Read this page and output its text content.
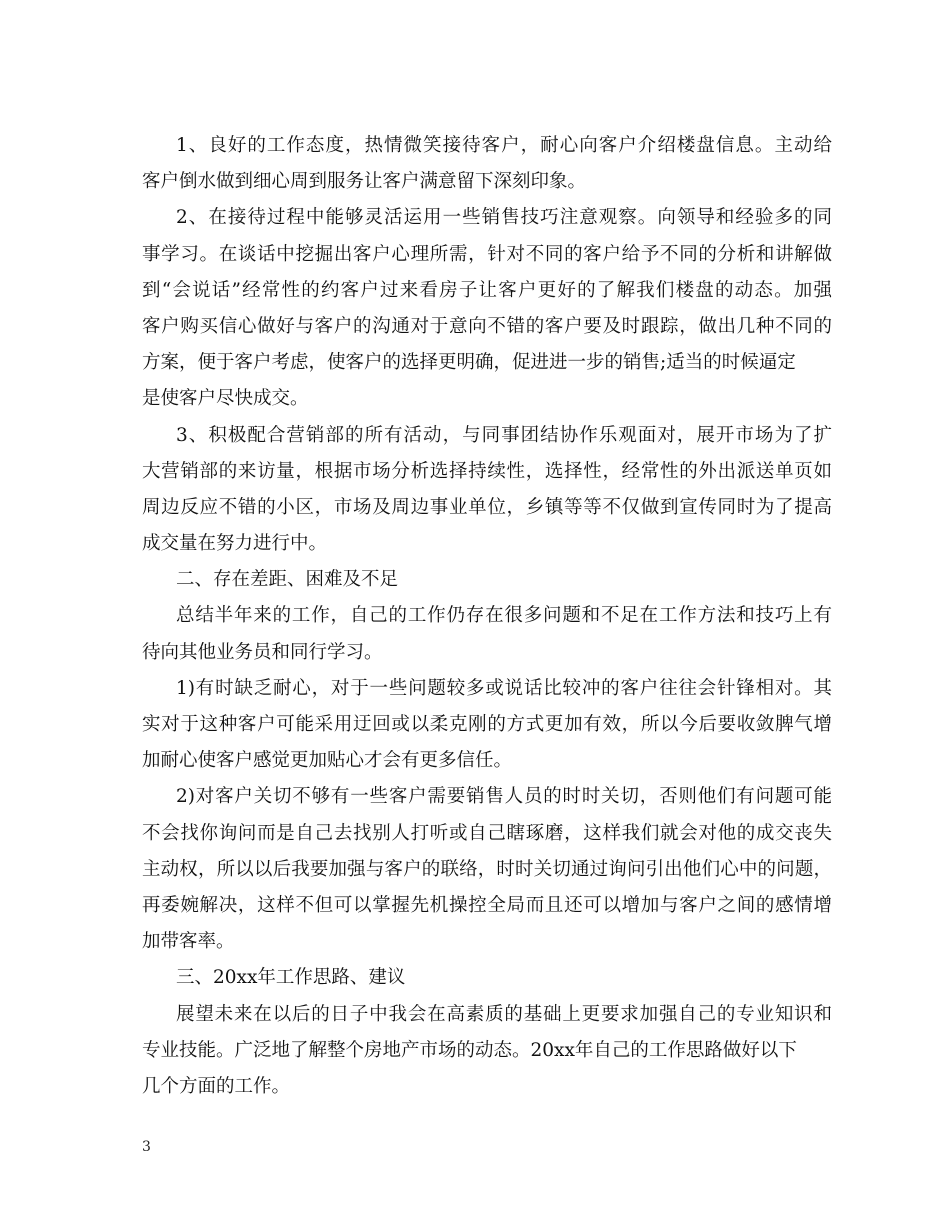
1、良好的工作态度，热情微笑接待客户，耐心向客户介绍楼盘信息。主动给
客户倒水做到细心周到服务让客户满意留下深刻印象。
2、在接待过程中能够灵活运用一些销售技巧注意观察。向领导和经验多的同
事学习。在谈话中挖掘出客户心理所需，针对不同的客户给予不同的分析和讲解做
到“会说话”经常性的约客户过来看房子让客户更好的了解我们楼盘的动态。加强
客户购买信心做好与客户的沟通对于意向不错的客户要及时跟踪，做出几种不同的
方案，便于客户考虑，使客户的选择更明确，促进进一步的销售;适当的时候逼定
是使客户尽快成交。
3、积极配合营销部的所有活动，与同事团结协作乐观面对，展开市场为了扩
大营销部的来访量，根据市场分析选择持续性，选择性，经常性的外出派送单页如
周边反应不错的小区，市场及周边事业单位，乡镇等等不仅做到宣传同时为了提高
成交量在努力进行中。
二、存在差距、困难及不足
总结半年来的工作，自己的工作仍存在很多问题和不足在工作方法和技巧上有
待向其他业务员和同行学习。
1)有时缺乏耐心，对于一些问题较多或说话比较冲的客户往往会针锋相对。其
实对于这种客户可能采用迂回或以柔克刚的方式更加有效，所以今后要收敛脾气增
加耐心使客户感觉更加贴心才会有更多信任。
2)对客户关切不够有一些客户需要销售人员的时时关切，否则他们有问题可能
不会找你询问而是自己去找别人打听或自己瞎琢磨，这样我们就会对他的成交丧失
主动权，所以以后我要加强与客户的联络，时时关切通过询问引出他们心中的问题，
再委婉解决，这样不但可以掌握先机操控全局而且还可以增加与客户之间的感情增
加带客率。
三、20xx年工作思路、建议
展望未来在以后的日子中我会在高素质的基础上更要求加强自己的专业知识和
专业技能。广泛地了解整个房地产市场的动态。20xx年自己的工作思路做好以下
几个方面的工作。
3
